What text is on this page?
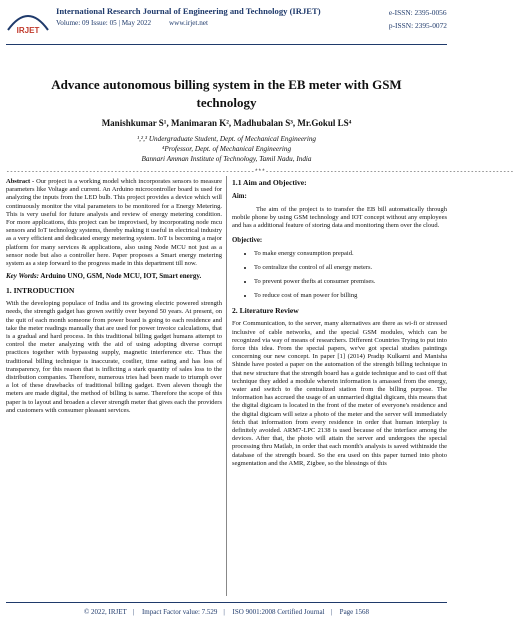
IRJET
International Research Journal of Engineering and Technology (IRJET)
Volume: 09 Issue: 05 | May 2022 www.irjet.net
e-ISSN: 2395-0056
p-ISSN: 2395-0072
Advance autonomous billing system in the EB meter with GSM technology
Manishkumar S¹, Manimaran K², Madhubalan S³, Mr.Gokul LS⁴
¹,²,³ Undergraduate Student, Dept. of Mechanical Engineering
⁴Professor, Dept. of Mechanical Engineering
Bannari Amman Institute of Technology, Tamil Nadu, India
---------------------------------------------------------------------***---------------------------------------------------------------------

Abstract - Our project is a working model which incorporates sensors to measure parameters like Voltage and current. An Arduino microcontroller board is used for analyzing the inputs from the LED bulb. This project provides a device which will continuously monitor the vital parameters to be monitored for a Energy Metering. This is very useful for future analysis and review of energy metering condition. For more applications, this project can be improvised, by incorporating node mcu sensors and IoT technology systems, thereby making it useful in electrical industry as a very efficient and dedicated energy metering system. IoT is becoming a major platform for many services & applications, also using Node MCU not just as a sensor node but also a controller here. Paper proposes a Smart energy metering system as a step forward to the progress made in this department till now.

Key Words: Arduino UNO, GSM, Node MCU, IOT, Smart energy.
1. INTRODUCTION

With the developing populace of India and its growing electric powered strength needs, the strength gadget has grown swiftly over beyond 50 years. At present, on the quit of each month someone from power board is going to each residence and take the meter readings manually that are used for power invoice calculations, that is a gradual and hard process. In this traditional billing gadget humans attempt to control the meter analyzing with the aid of using adopting diverse corrupt practices together with bypassing supply, magnetic interference etc. Thus the traditional billing technique is inaccurate, costlier, time eating and has loss of transparency, for this reason that is inflicting a stark quantity of sales loss to the distribution companies. Therefore, numerous tries had been made to triumph over a lot of these drawbacks of traditional billing gadget. Even aleven though the meters are made digital, the method of billing is same. Therefore the scope of this paper is to layout and broaden a clever strength meter that gives each the providers and customers with consumer pleasant services.

1.1 Aim and Objective:
Aim:

The aim of the project is to transfer the EB bill automatically through mobile phone by using GSM technology and IOT concept without any employees and has a additional feature of storing data and monitoring them over the cloud.

Objective:
• To make energy consumption prepaid.
• To centralize the control of all energy meters.
• To prevent power thefts at consumer premises.
• To reduce cost of man power for billing
2. Literature Review

For Communication, to the server, many alternatives are there as wi-fi or stressed inclusive of cable networks, and the special GSM modules, which can be recognized via way of means of researchers. Different Countries Trying to put into force this idea. From the special papers, we've got special studies paintings concerning our new concept. In paper [1] (2014) Pradip Kulkarni and Manisha Shinde have posted a paper on the automation of the strength billing technique in that new structure that the strength board has a guide technique and to cast off that technique they added a module wherein information is amassed from the energy, water and switch to the centralized station from the billing purpose. The information has accrued the usage of an unmarried digital digicam, this means that the digital digicam is located in the front of the meter of everyone's residence and the digital digicam will seize a photo of the meter and the server will immediately fetch that information from every residence in order that human interplay is definitely avoided. ARM7-LPC 2138 is used because of the interface among the devices. After that, the photo will attain the server and undergoes the special processing thru Matlab, in order that each month's analysis is saved withinside the database of the strength board. So the era used on this paper turned into photo segmentation and the AMR, Zigbee, so the blessings of this

© 2022, IRJET | Impact Factor value: 7.529 | ISO 9001:2008 Certified Journal | Page 1568
